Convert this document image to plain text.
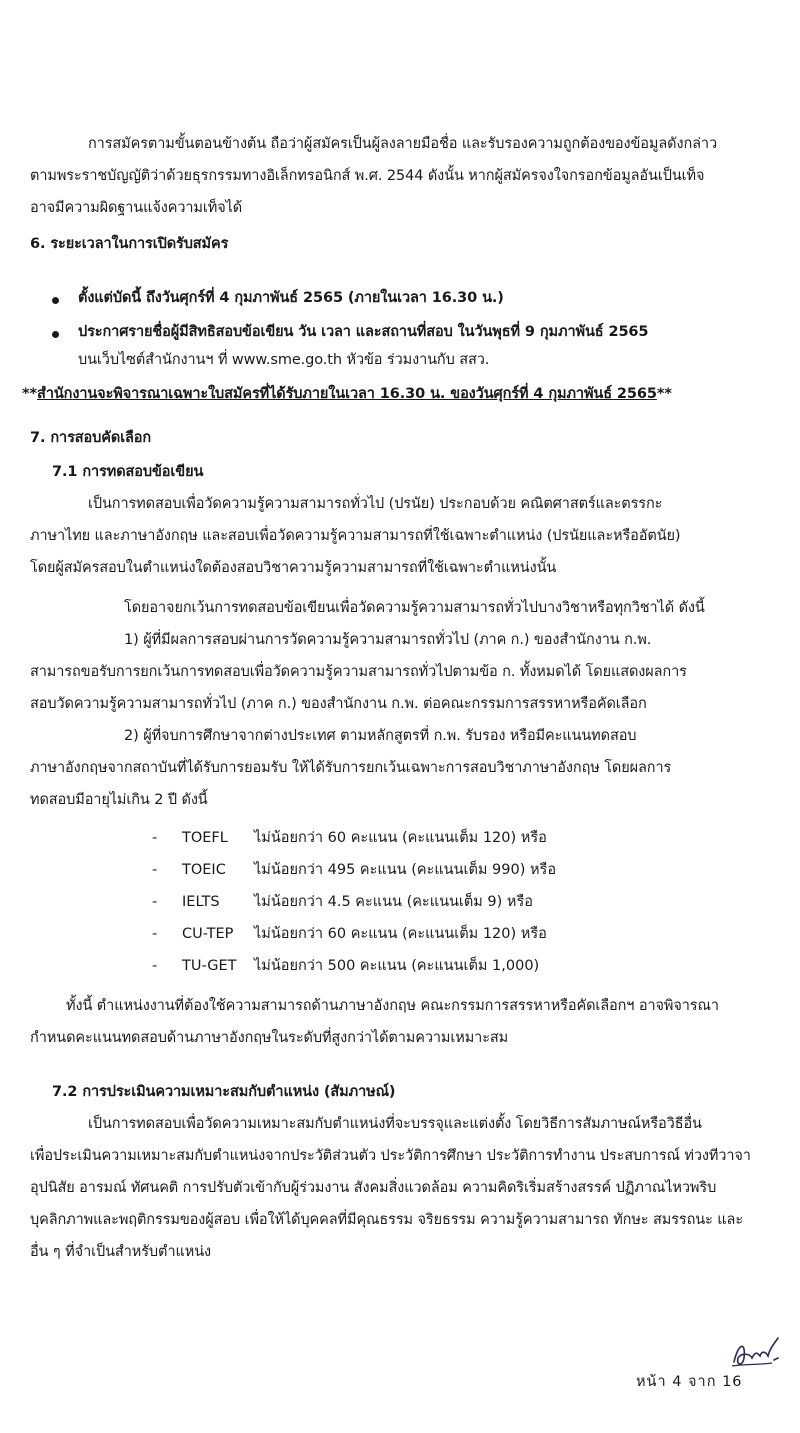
การสมัครตามขั้นตอนข้างต้น ถือว่าผู้สมัครเป็นผู้ลงลายมือชื่อ และรับรองความถูกต้องของข้อมูลดังกล่าว
ตามพระราชบัญญัติว่าด้วยธุรกรรมทางอิเล็กทรอนิกส์ พ.ศ. 2544 ดังนั้น หากผู้สมัครจงใจกรอกข้อมูลอันเป็นเท็จ
อาจมีความผิดฐานแจ้งความเท็จได้
6. ระยะเวลาในการเปิดรับสมัคร
ตั้งแต่บัดนี้ ถึงวันศุกร์ที่ 4 กุมภาพันธ์ 2565 (ภายในเวลา 16.30 น.)
ประกาศรายชื่อผู้มีสิทธิสอบข้อเขียน วัน เวลา และสถานที่สอบ ในวันพุธที่ 9 กุมภาพันธ์ 2565
บนเว็บไซต์สำนักงานฯ ที่ www.sme.go.th หัวข้อ ร่วมงานกับ สสว.
**สำนักงานจะพิจารณาเฉพาะใบสมัครที่ได้รับภายในเวลา 16.30 น. ของวันศุกร์ที่ 4 กุมภาพันธ์ 2565**
7. การสอบคัดเลือก
7.1 การทดสอบข้อเขียน
เป็นการทดสอบเพื่อวัดความรู้ความสามารถทั่วไป (ปรนัย) ประกอบด้วย คณิตศาสตร์และตรรกะ
ภาษาไทย และภาษาอังกฤษ และสอบเพื่อวัดความรู้ความสามารถที่ใช้เฉพาะตำแหน่ง (ปรนัยและหรืออัตนัย)
โดยผู้สมัครสอบในตำแหน่งใดต้องสอบวิชาความรู้ความสามารถที่ใช้เฉพาะตำแหน่งนั้น
โดยอาจยกเว้นการทดสอบข้อเขียนเพื่อวัดความรู้ความสามารถทั่วไปบางวิชาหรือทุกวิชาได้ ดังนี้
1) ผู้ที่มีผลการสอบผ่านการวัดความรู้ความสามารถทั่วไป (ภาค ก.) ของสำนักงาน ก.พ.
สามารถขอรับการยกเว้นการทดสอบเพื่อวัดความรู้ความสามารถทั่วไปตามข้อ ก. ทั้งหมดได้ โดยแสดงผลการ
สอบวัดความรู้ความสามารถทั่วไป (ภาค ก.) ของสำนักงาน ก.พ. ต่อคณะกรรมการสรรหาหรือคัดเลือก
2) ผู้ที่จบการศึกษาจากต่างประเทศ ตามหลักสูตรที่ ก.พ. รับรอง หรือมีคะแนนทดสอบ
ภาษาอังกฤษจากสถาบันที่ได้รับการยอมรับ ให้ได้รับการยกเว้นเฉพาะการสอบวิชาภาษาอังกฤษ โดยผลการ
ทดสอบมีอายุไม่เกิน 2 ปี ดังนี้
- TOEFL ไม่น้อยกว่า 60 คะแนน (คะแนนเต็ม 120) หรือ
- TOEIC ไม่น้อยกว่า 495 คะแนน (คะแนนเต็ม 990) หรือ
- IELTS ไม่น้อยกว่า 4.5 คะแนน (คะแนนเต็ม 9) หรือ
- CU-TEP ไม่น้อยกว่า 60 คะแนน (คะแนนเต็ม 120) หรือ
- TU-GET ไม่น้อยกว่า 500 คะแนน (คะแนนเต็ม 1,000)
ทั้งนี้ ตำแหน่งงานที่ต้องใช้ความสามารถด้านภาษาอังกฤษ คณะกรรมการสรรหาหรือคัดเลือกฯ อาจพิจารณา
กำหนดคะแนนทดสอบด้านภาษาอังกฤษในระดับที่สูงกว่าได้ตามความเหมาะสม
7.2 การประเมินความเหมาะสมกับตำแหน่ง (สัมภาษณ์)
เป็นการทดสอบเพื่อวัดความเหมาะสมกับตำแหน่งที่จะบรรจุและแต่งตั้ง โดยวิธีการสัมภาษณ์หรือวิธีอื่น
เพื่อประเมินความเหมาะสมกับตำแหน่งจากประวัติส่วนตัว ประวัติการศึกษา ประวัติการทำงาน ประสบการณ์ ท่วงทีวาจา
อุปนิสัย อารมณ์ ทัศนคติ การปรับตัวเข้ากับผู้ร่วมงาน สังคมสิ่งแวดล้อม ความคิดริเริ่มสร้างสรรค์ ปฏิภาณไหวพริบ
บุคลิกภาพและพฤติกรรมของผู้สอบ เพื่อให้ได้บุคคลที่มีคุณธรรม จริยธรรม ความรู้ความสามารถ ทักษะ สมรรถนะ และ
อื่น ๆ ที่จำเป็นสำหรับตำแหน่ง
หน้า 4 จาก 16
